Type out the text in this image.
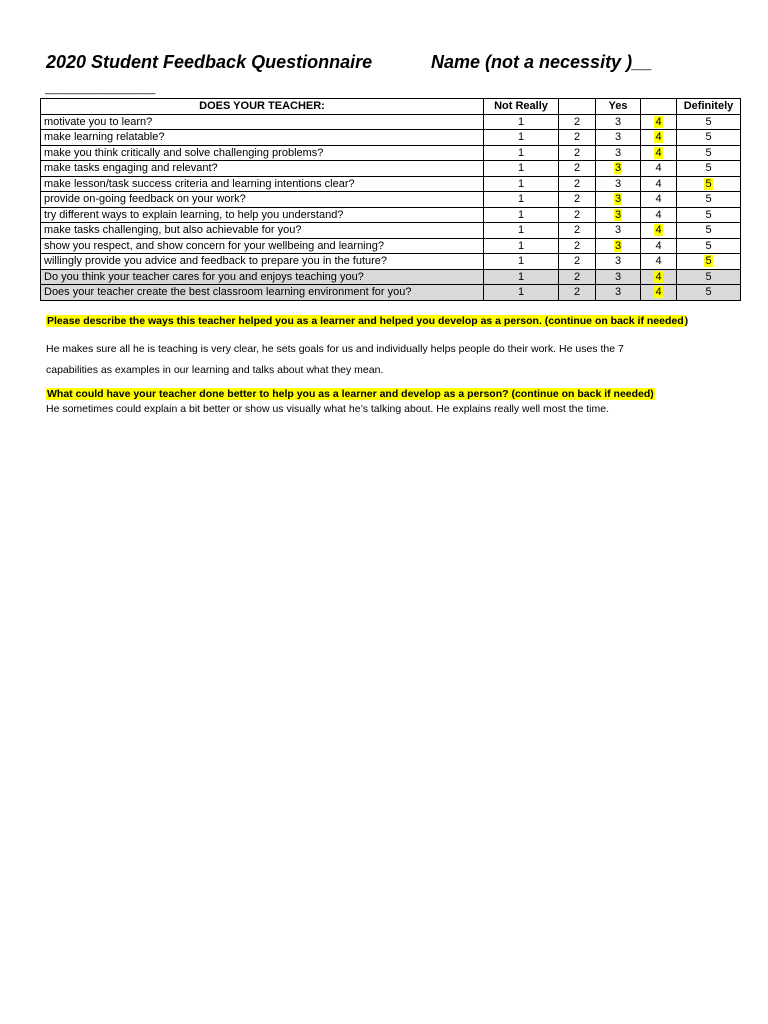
2020 Student Feedback Questionnaire	Name (not a necessity )__
___________
DOES YOUR TEACHER:	Not Really		Yes		Definitely
motivate you to learn?	1	2	3	4	5
make learning relatable?	1	2	3	4	5
make you think critically and solve challenging problems?	1	2	3	4	5
make tasks engaging and relevant?	1	2	3	4	5
make lesson/task success criteria and learning intentions clear?	1	2	3	4	5
provide on-going feedback on your work?	1	2	3	4	5
try different ways to explain learning, to help you understand?	1	2	3	4	5
make tasks challenging, but also achievable for you?	1	2	3	4	5
show you respect, and show concern for your wellbeing and learning?	1	2	3	4	5
willingly provide you advice and feedback to prepare you in the future?	1	2	3	4	5
Do you think your teacher cares for you and enjoys teaching you?	1	2	3	4	5
Does your teacher create the best classroom learning environment for you?	1	2	3	4	5
Please describe the ways this teacher helped you as a learner and helped you develop as a person. (continue on back if needed)
He makes sure all he is teaching is very clear, he sets goals for us and individually helps people do their work. He uses the 7
capabilities as examples in our learning and talks about what they mean.
What could have your teacher done better to help you as a learner and develop as a person? (continue on back if needed)
He sometimes could explain a bit better or show us visually what he’s talking about. He explains really well most the time.
